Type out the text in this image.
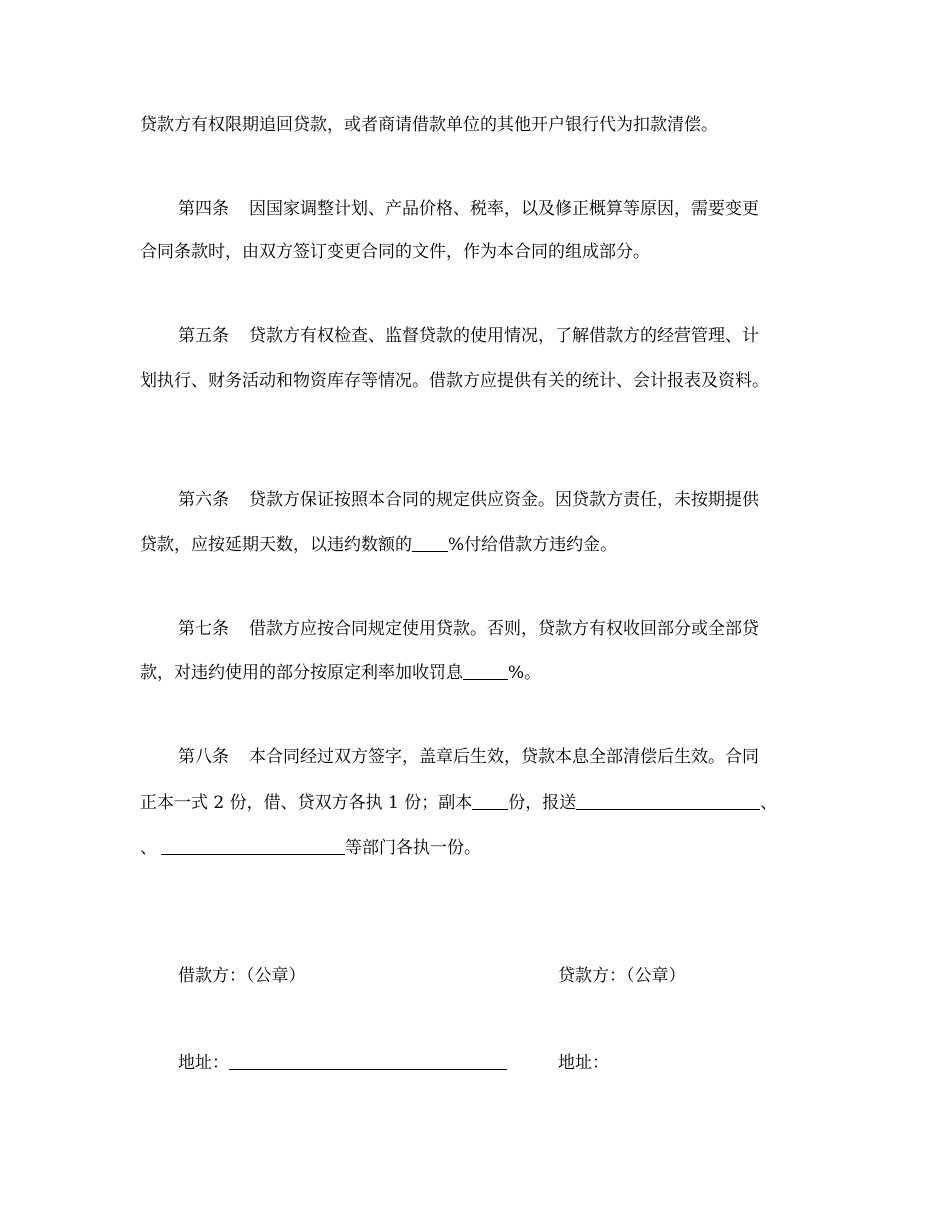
贷款方有权限期追回贷款，或者商请借款单位的其他开户银行代为扣款清偿。
第四条 因国家调整计划、产品价格、税率，以及修正概算等原因，需要变更
合同条款时，由双方签订变更合同的文件，作为本合同的组成部分。
第五条 贷款方有权检查、监督贷款的使用情况，了解借款方的经营管理、计
划执行、财务活动和物资库存等情况。借款方应提供有关的统计、会计报表及资料。
第六条 贷款方保证按照本合同的规定供应资金。因贷款方责任，未按期提供
贷款，应按延期天数，以违约数额的 %付给借款方违约金。
第七条 借款方应按合同规定使用贷款。否则，贷款方有权收回部分或全部贷
款，对违约使用的部分按原定利率加收罚息	%。
第八条 本合同经过双方签字，盖章后生效，贷款本息全部清偿后生效。合同
正本一式 2 份，借、贷双方各执 1 份；副本 份，报送	、
、	等部门各执一份。
借款方：（公章）	贷款方：（公章）
地址：	地址：
